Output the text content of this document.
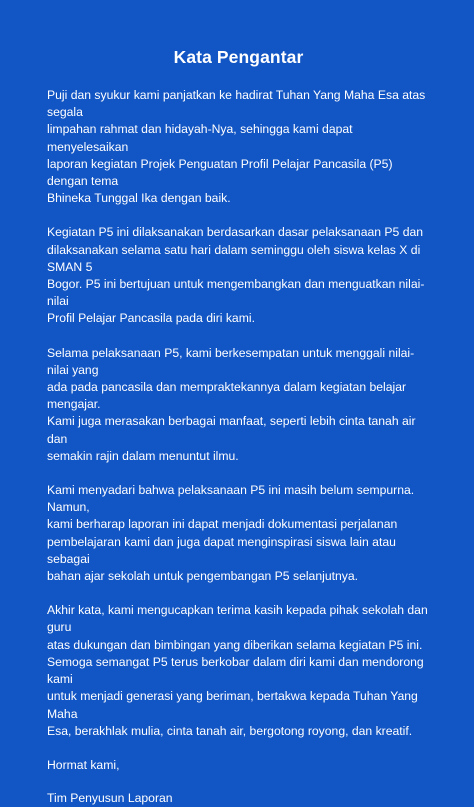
Kata Pengantar

Puji dan syukur kami panjatkan ke hadirat Tuhan Yang Maha Esa atas segala
limpahan rahmat dan hidayah-Nya, sehingga kami dapat menyelesaikan
laporan kegiatan Projek Penguatan Profil Pelajar Pancasila (P5) dengan tema
Bhineka Tunggal Ika dengan baik.

Kegiatan P5 ini dilaksanakan berdasarkan dasar pelaksanaan P5 dan
dilaksanakan selama satu hari dalam seminggu oleh siswa kelas X di SMAN 5
Bogor. P5 ini bertujuan untuk mengembangkan dan menguatkan nilai-nilai
Profil Pelajar Pancasila pada diri kami.

Selama pelaksanaan P5, kami berkesempatan untuk menggali nilai-nilai yang
ada pada pancasila dan mempraktekannya dalam kegiatan belajar mengajar.
Kami juga merasakan berbagai manfaat, seperti lebih cinta tanah air dan
semakin rajin dalam menuntut ilmu.

Kami menyadari bahwa pelaksanaan P5 ini masih belum sempurna. Namun,
kami berharap laporan ini dapat menjadi dokumentasi perjalanan
pembelajaran kami dan juga dapat menginspirasi siswa lain atau sebagai
bahan ajar sekolah untuk pengembangan P5 selanjutnya.

Akhir kata, kami mengucapkan terima kasih kepada pihak sekolah dan guru
atas dukungan dan bimbingan yang diberikan selama kegiatan P5 ini.
Semoga semangat P5 terus berkobar dalam diri kami dan mendorong kami
untuk menjadi generasi yang beriman, bertakwa kepada Tuhan Yang Maha
Esa, berakhlak mulia, cinta tanah air, bergotong royong, dan kreatif.

Hormat kami,

Tim Penyusun Laporan
